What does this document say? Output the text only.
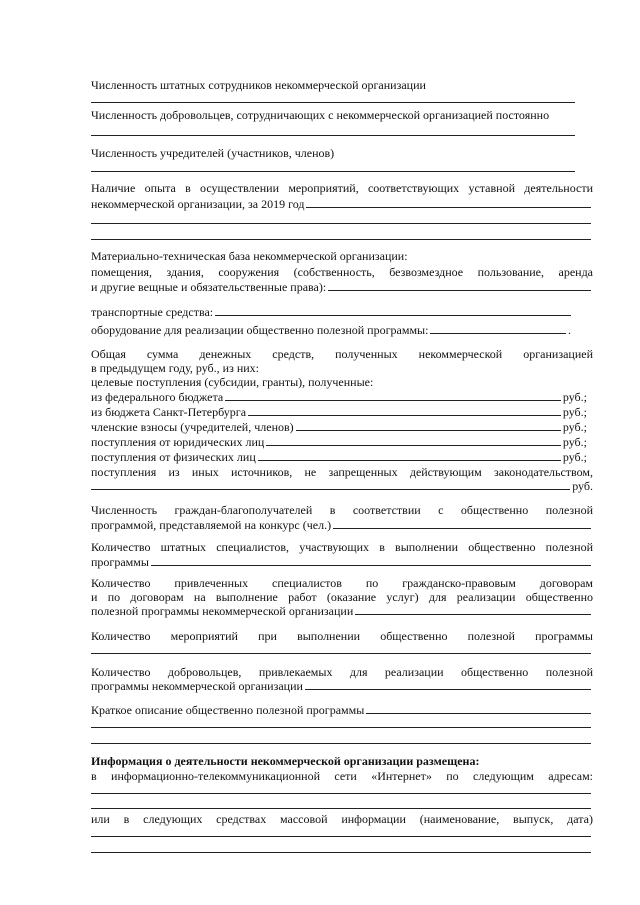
Численность штатных сотрудников некоммерческой организации
Численность добровольцев, сотрудничающих с некоммерческой организацией постоянно
Численность учредителей (участников, членов)
Наличие опыта в осуществлении мероприятий, соответствующих уставной деятельности
некоммерческой организации, за 2019 год
Материально-техническая база некоммерческой организации:
помещения, здания, сооружения (собственность, безвозмездное пользование, аренда
и другие вещные и обязательственные права):
транспортные средства:
оборудование для реализации общественно полезной программы:	.
Общая сумма денежных средств, полученных некоммерческой организацией
в предыдущем году, руб., из них:
целевые поступления (субсидии, гранты), полученные:
из федерального бюджета	руб.;
из бюджета Санкт-Петербурга	руб.;
членские взносы (учредителей, членов)	руб.;
поступления от юридических лиц	руб.;
поступления от физических лиц	руб.;
поступления из иных источников, не запрещенных действующим законодательством,
руб.
Численность граждан-благополучателей в соответствии с общественно полезной
программой, представляемой на конкурс (чел.)
Количество штатных специалистов, участвующих в выполнении общественно полезной
программы
Количество привлеченных специалистов по гражданско-правовым договорам
и по договорам на выполнение работ (оказание услуг) для реализации общественно
полезной программы некоммерческой организации
Количество мероприятий при выполнении общественно полезной программы
Количество добровольцев, привлекаемых для реализации общественно полезной
программы некоммерческой организации
Краткое описание общественно полезной программы
Информация о деятельности некоммерческой организации размещена:
в информационно-телекоммуникационной сети «Интернет» по следующим адресам:
или в следующих средствах массовой информации (наименование, выпуск, дата)
